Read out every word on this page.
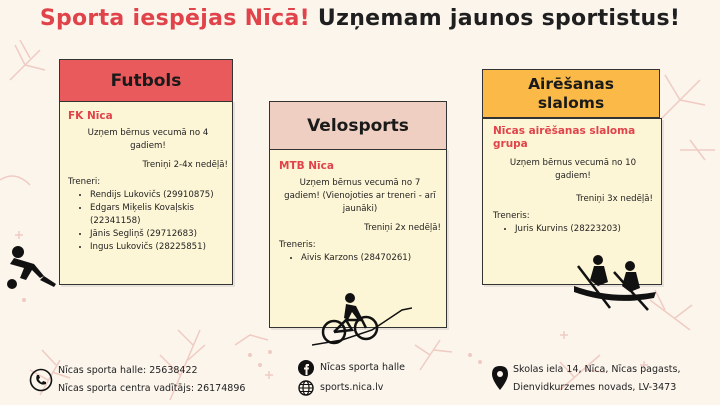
Sporta iespējas Nīcā! Uzņemam jaunos sportistus!
Futbols
FK Nīca
Uzņem bērnus vecumā no 4 gadiem!
Treniņi 2-4x nedēļā!
Treneri:
• Rendijs Lukovičs (29910875)
• Edgars Miķelis Kovaļskis (22341158)
• Jānis Segliņš (29712683)
• Ingus Lukovičs (28225851)
Velosports
MTB Nīca
Uzņem bērnus vecumā no 7 gadiem! (Vienojoties ar treneri - arī jaunāki)
Treniņi 2x nedēļā!
Treneris:
• Aivis Karzons (28470261)
Airēšanas slaloms
Nīcas airēšanas slaloma grupa
Uzņem bērnus vecumā no 10 gadiem!
Treniņi 3x nedēļā!
Treneris:
• Juris Kurvins (28223203)
Nīcas sporta halle: 25638422
Nīcas sporta centra vadītājs: 26174896
Nīcas sporta halle
sports.nica.lv
Skolas iela 14, Nīca, Nīcas pagasts,
Dienvidkurzemes novads, LV-3473
